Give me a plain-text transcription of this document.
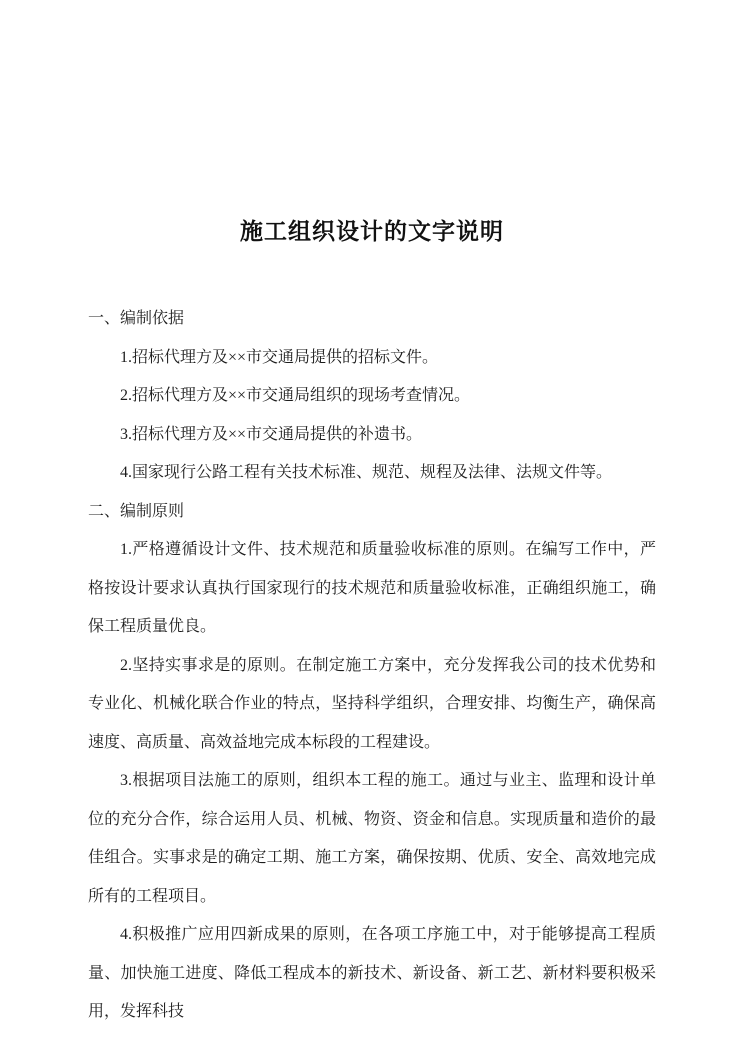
施工组织设计的文字说明

一、编制依据

1.招标代理方及××市交通局提供的招标文件。

2.招标代理方及××市交通局组织的现场考查情况。

3.招标代理方及××市交通局提供的补遗书。

4.国家现行公路工程有关技术标准、规范、规程及法律、法规文件等。

二、编制原则

1.严格遵循设计文件、技术规范和质量验收标准的原则。在编写工作中，严格按设计要求认真执行国家现行的技术规范和质量验收标准，正确组织施工，确保工程质量优良。

2.坚持实事求是的原则。在制定施工方案中，充分发挥我公司的技术优势和专业化、机械化联合作业的特点，坚持科学组织，合理安排、均衡生产，确保高速度、高质量、高效益地完成本标段的工程建设。

3.根据项目法施工的原则，组织本工程的施工。通过与业主、监理和设计单位的充分合作，综合运用人员、机械、物资、资金和信息。实现质量和造价的最佳组合。实事求是的确定工期、施工方案，确保按期、优质、安全、高效地完成所有的工程项目。

4.积极推广应用四新成果的原则，在各项工序施工中，对于能够提高工程质量、加快施工进度、降低工程成本的新技术、新设备、新工艺、新材料要积极采用，发挥科技
